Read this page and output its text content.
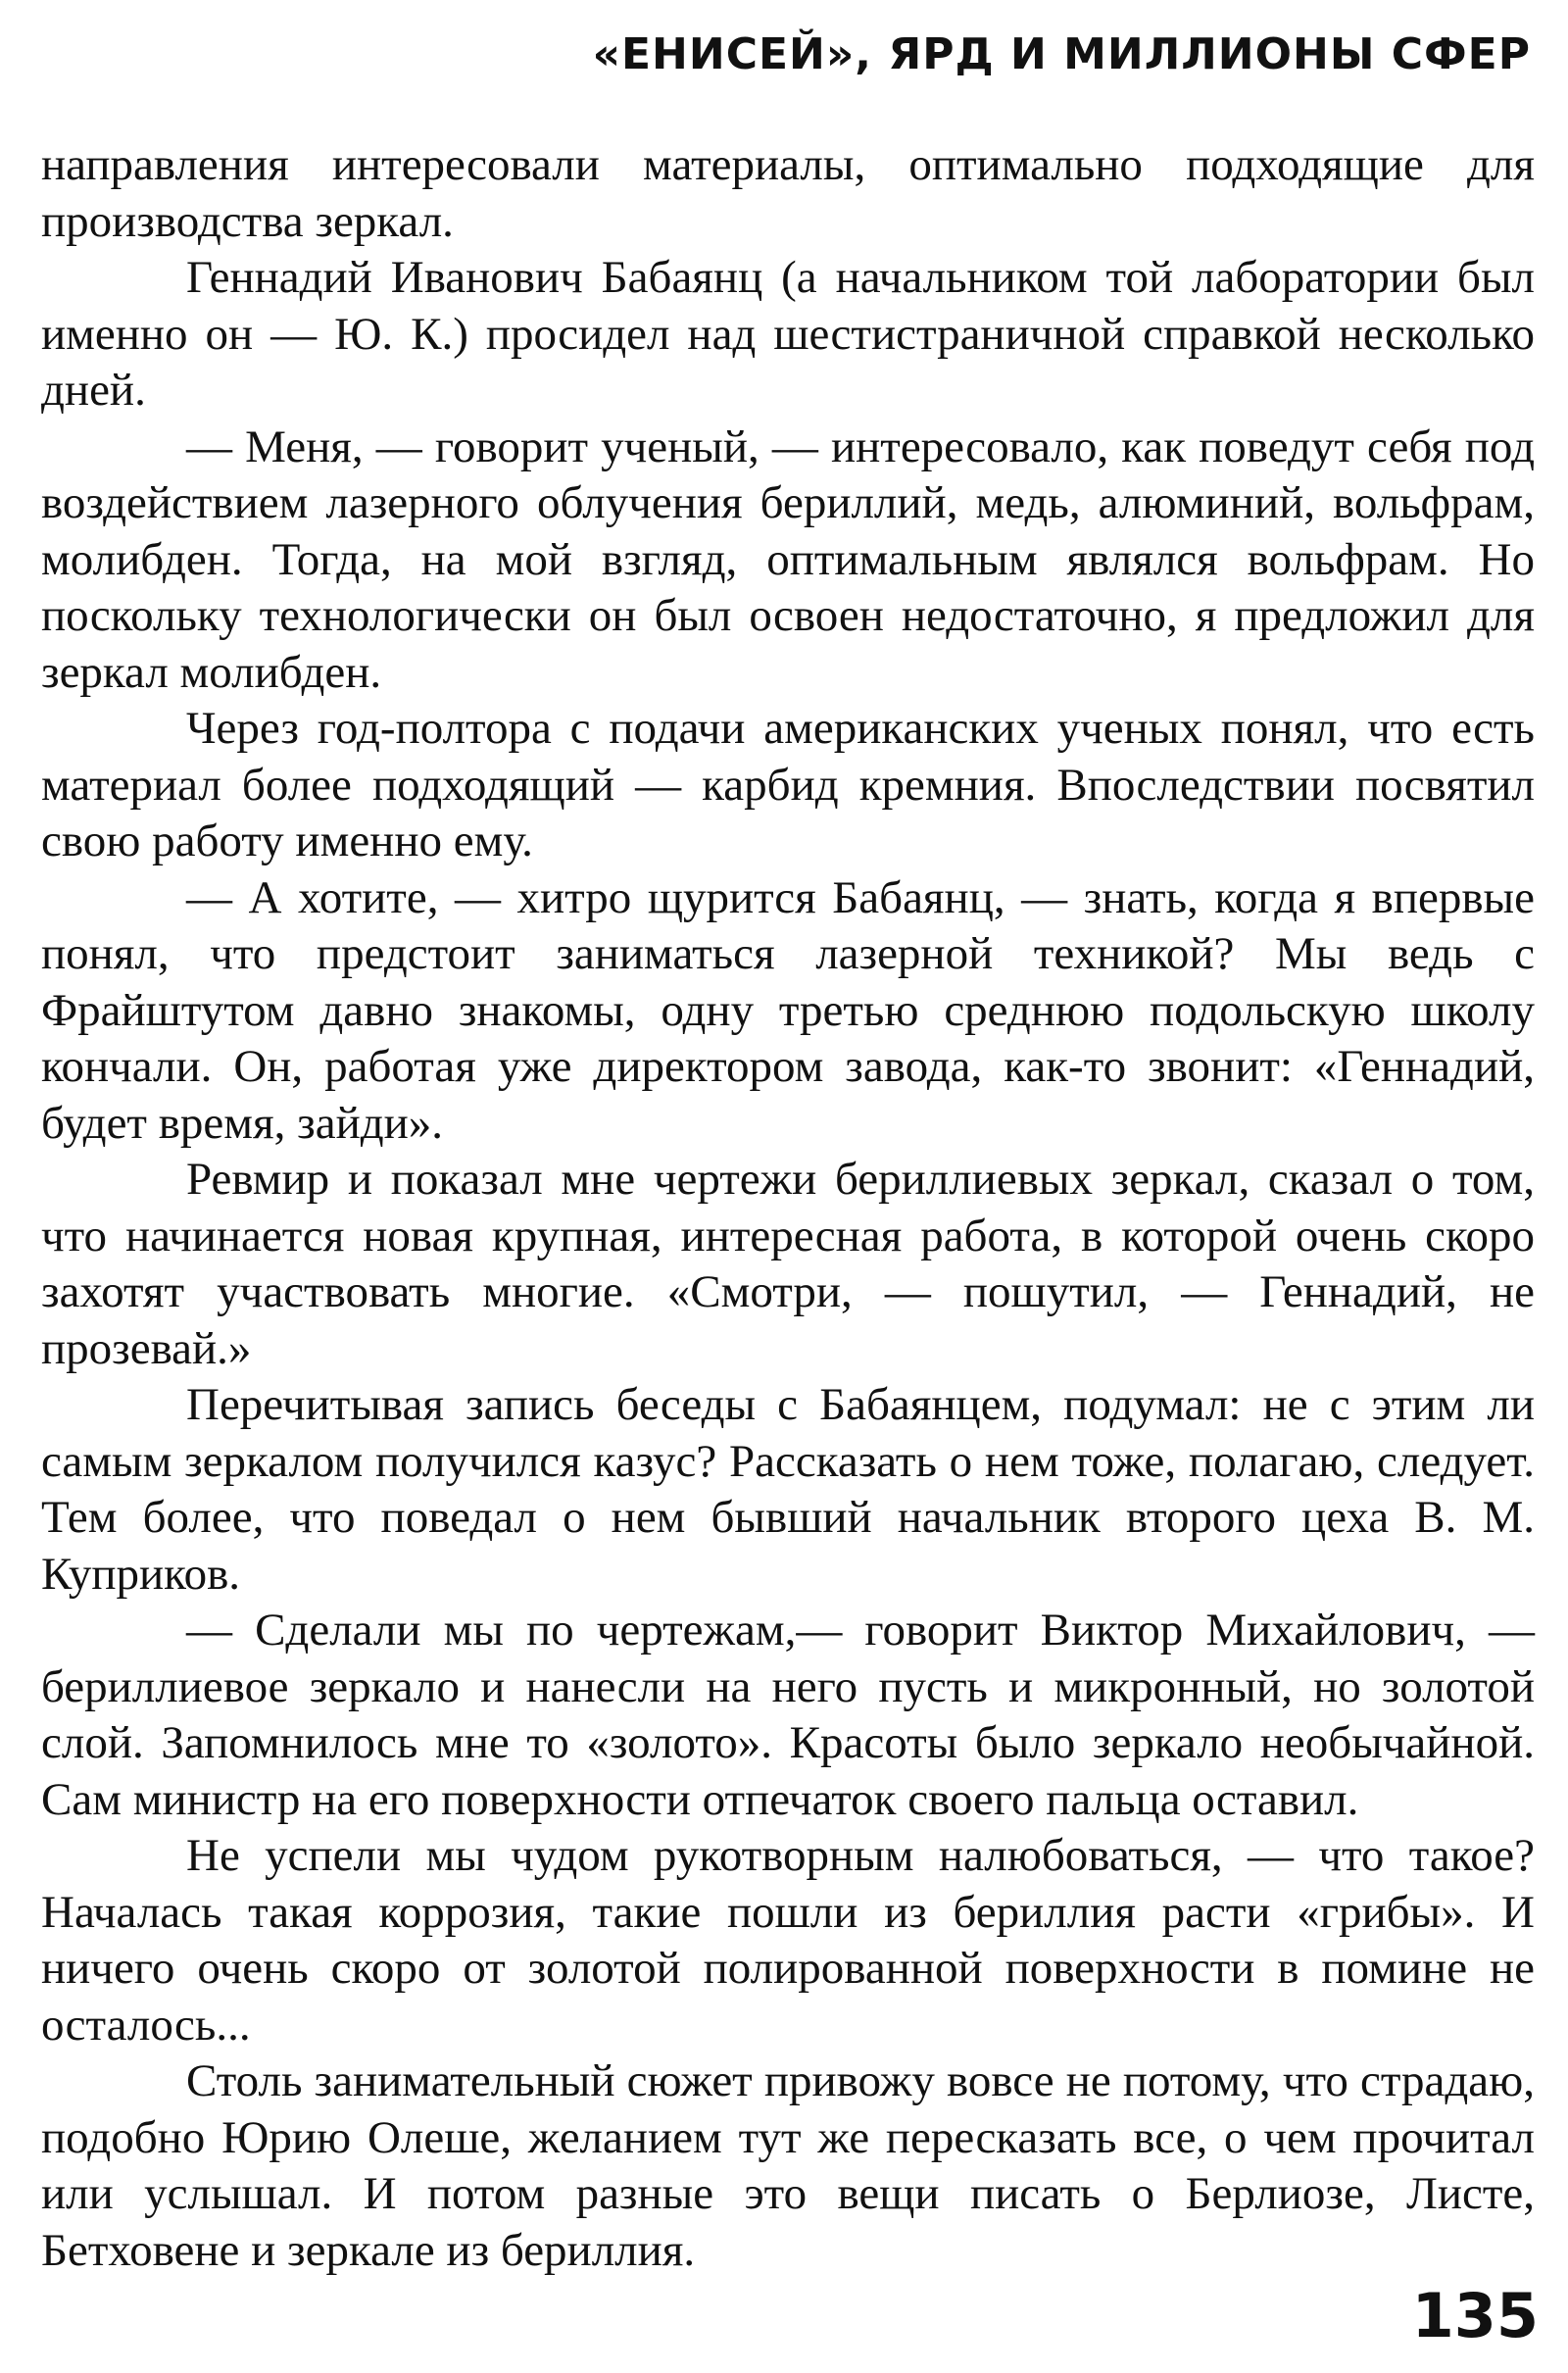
«ЕНИСЕЙ», ЯРД И МИЛЛИОНЫ СФЕР

направления интересовали материалы, оптимально подходящие для производства зеркал.

Геннадий Иванович Бабаянц (а начальником той лаборатории был именно он — Ю. К.) просидел над шестистраничной справкой несколько дней.

— Меня, — говорит ученый, — интересовало, как поведут себя под воздействием лазерного облучения бериллий, медь, алюминий, вольфрам, молибден. Тогда, на мой взгляд, оптимальным являлся вольфрам. Но поскольку технологически он был освоен недостаточно, я предложил для зеркал молибден.

Через год-полтора с подачи американских ученых понял, что есть материал более подходящий — карбид кремния. Впоследствии посвятил свою работу именно ему.

— А хотите, — хитро щурится Бабаянц, — знать, когда я впервые понял, что предстоит заниматься лазерной техникой? Мы ведь с Фрайштутом давно знакомы, одну третью среднюю подольскую школу кончали. Он, работая уже директором завода, как-то звонит: «Геннадий, будет время, зайди».

Ревмир и показал мне чертежи бериллиевых зеркал, сказал о том, что начинается новая крупная, интересная работа, в которой очень скоро захотят участвовать многие. «Смотри, — пошутил, — Геннадий, не прозевай.»

Перечитывая запись беседы с Бабаянцем, подумал: не с этим ли самым зеркалом получился казус? Рассказать о нем тоже, полагаю, следует. Тем более, что поведал о нем бывший начальник второго цеха В. М. Куприков.

— Сделали мы по чертежам,— говорит Виктор Михайлович, — бериллиевое зеркало и нанесли на него пусть и микронный, но золотой слой. Запомнилось мне то «золото». Красоты было зеркало необычайной. Сам министр на его поверхности отпечаток своего пальца оставил.

Не успели мы чудом рукотворным налюбоваться, — что такое? Началась такая коррозия, такие пошли из бериллия расти «грибы». И ничего очень скоро от золотой полированной поверхности в помине не осталось...

Столь занимательный сюжет привожу вовсе не потому, что страдаю, подобно Юрию Олеше, желанием тут же пересказать все, о чем прочитал или услышал. И потом разные это вещи писать о Берлиозе, Листе, Бетховене и зеркале из бериллия.

135
